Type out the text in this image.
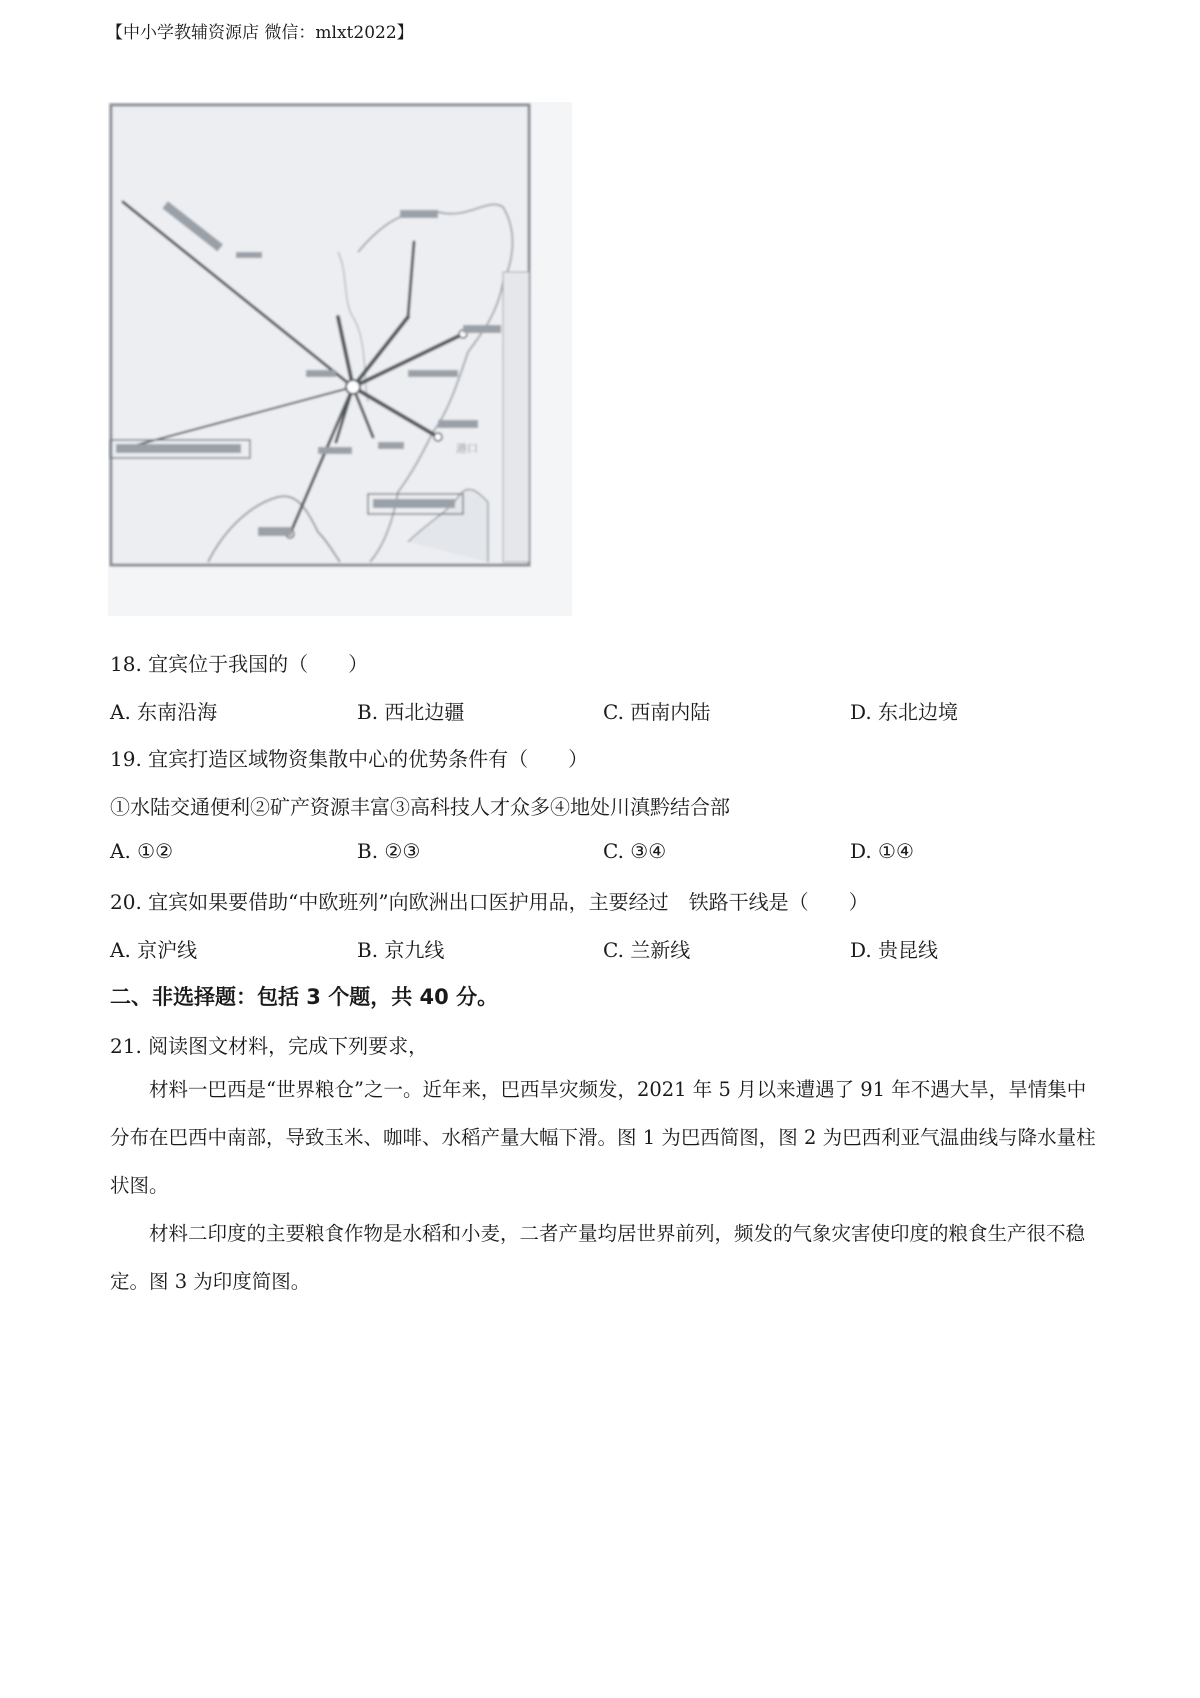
【中小学教辅资源店 微信：mlxt2022】
港口
18. 宜宾位于我国的（　　）
A. 东南沿海	B. 西北边疆	C. 西南内陆	D. 东北边境
19. 宜宾打造区域物资集散中心的优势条件有（　　）
①水陆交通便利②矿产资源丰富③高科技人才众多④地处川滇黔结合部
A. ①②	B. ②③	C. ③④	D. ①④
20. 宜宾如果要借助“中欧班列”向欧洲出口医护用品，主要经过　铁路干线是（　　）
A. 京沪线	B. 京九线	C. 兰新线	D. 贵昆线
二、非选择题：包括 3 个题，共 40 分。
21. 阅读图文材料，完成下列要求，
材料一巴西是“世界粮仓”之一。近年来，巴西旱灾频发，2021 年 5 月以来遭遇了 91 年不遇大旱，旱情集中分布在巴西中南部，导致玉米、咖啡、水稻产量大幅下滑。图 1 为巴西简图，图 2 为巴西利亚气温曲线与降水量柱状图。
材料二印度的主要粮食作物是水稻和小麦，二者产量均居世界前列，频发的气象灾害使印度的粮食生产很不稳定。图 3 为印度简图。
